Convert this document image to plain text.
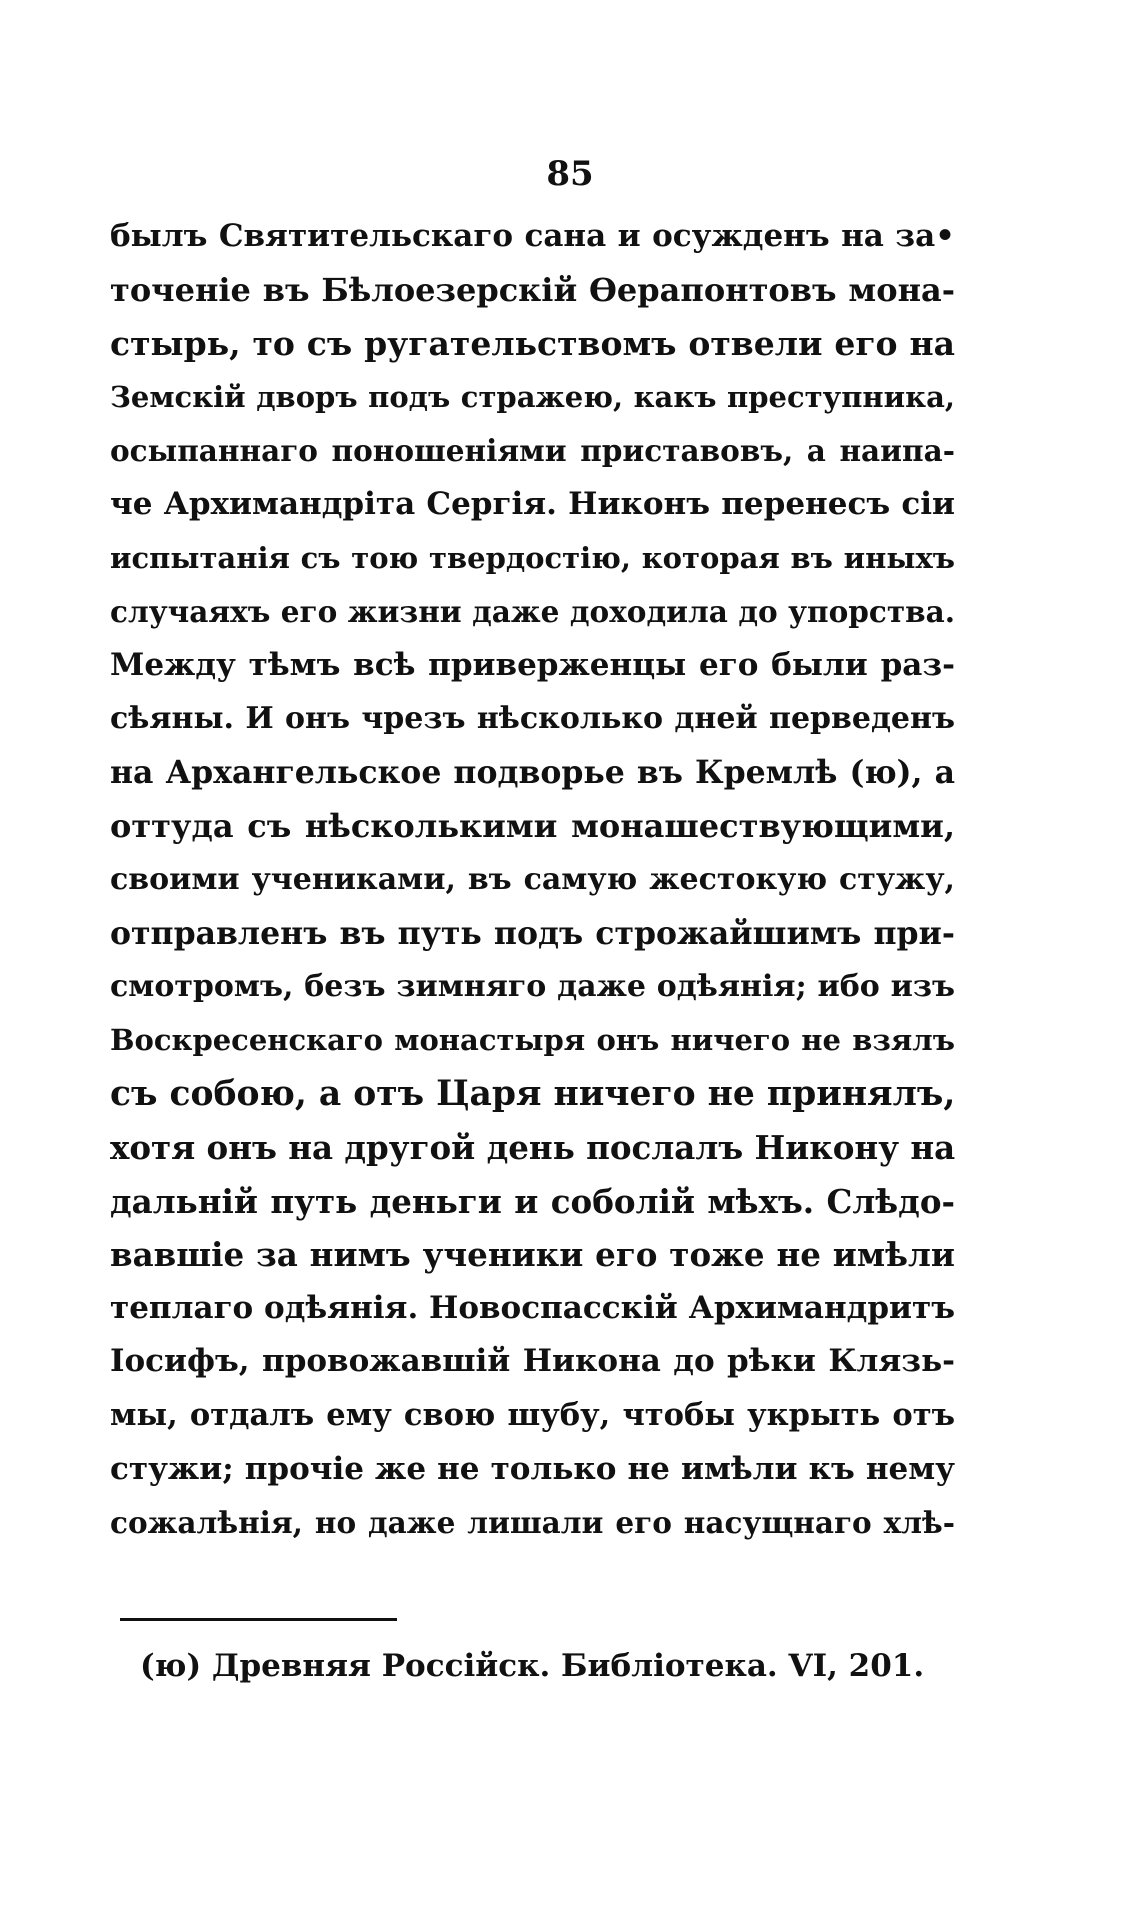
85
былъ Святительскаго сана и осужденъ на за•
точеніе въ Бѣлоезерскій Ѳерапонтовъ мона-
стырь, то съ ругательствомъ отвели его на
Земскій дворъ подъ стражею, какъ преступника,
осыпаннаго поношеніями приставовъ, а наипа-
че Архимандріта Сергія. Никонъ перенесъ сіи
испытанія съ тою твердостію, которая въ иныхъ
случаяхъ его жизни даже доходила до упорства.
Между тѣмъ всѣ приверженцы его были раз-
сѣяны. И онъ чрезъ нѣсколько дней перведенъ
на Архангельское подворье въ Кремлѣ (ю), а
оттуда съ нѣсколькими монашествующими,
своими учениками, въ самую жестокую стужу,
отправленъ въ путь подъ строжайшимъ при-
смотромъ, безъ зимняго даже одѣянія; ибо изъ
Воскресенскаго монастыря онъ ничего не взялъ
съ собою, а отъ Царя ничего не принялъ,
хотя онъ на другой день послалъ Никону на
дальній путь деньги и соболій мѣхъ. Слѣдо-
вавшіе за нимъ ученики его тоже не имѣли
теплаго одѣянія. Новоспасскій Архимандритъ
Іосифъ, провожавшій Никона до рѣки Клязь-
мы, отдалъ ему свою шубу, чтобы укрыть отъ
стужи; прочіе же не только не имѣли къ нему
сожалѣнія, но даже лишали его насущнаго хлѣ-
(ю) Древняя Россійск. Библіотека. VI, 201.
